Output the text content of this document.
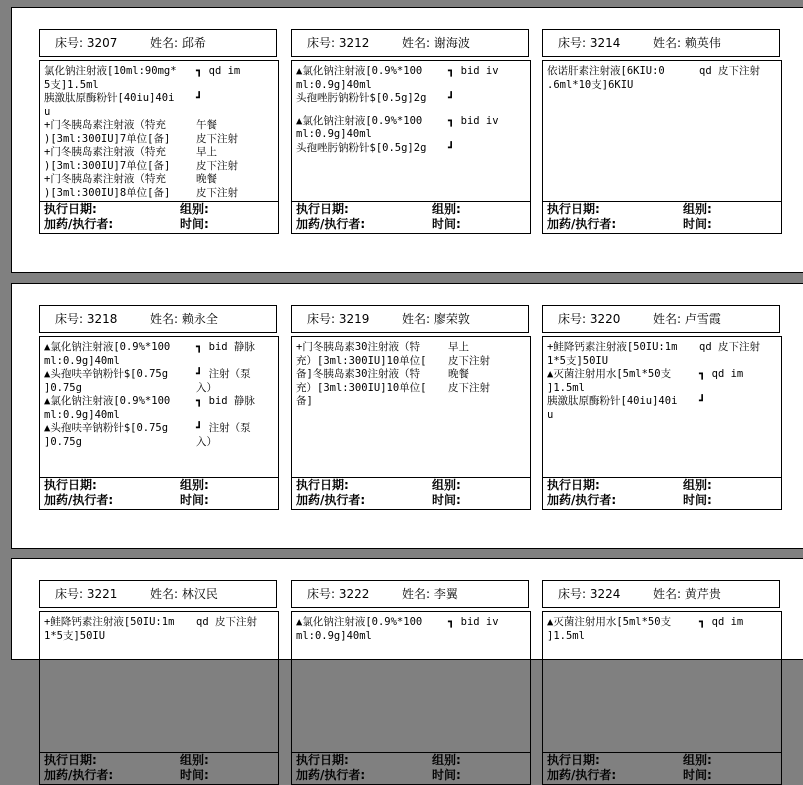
床号: 3207	姓名: 邱希
氯化钠注射液[10ml:90mg* ┓ qd im
5支]1.5ml
胰激肽原酶粉针[40iu]40i ┛
u
+门冬胰岛素注射液（特充	午餐
)[3ml:300IU]7单位[备] 皮下注射
+门冬胰岛素注射液（特充	早上
)[3ml:300IU]7单位[备] 皮下注射
+门冬胰岛素注射液（特充	晚餐
)[3ml:300IU]8单位[备] 皮下注射
执行日期:	组别:
加药/执行者:	时间:
床号: 3212	姓名: 谢海波
▲氯化钠注射液[0.9%*100 ┓ bid iv
ml:0.9g]40ml
头孢唑肟钠粉针$[0.5g]2g ┛
▲氯化钠注射液[0.9%*100 ┓ bid iv
ml:0.9g]40ml
头孢唑肟钠粉针$[0.5g]2g ┛
执行日期:	组别:
加药/执行者:	时间:
床号: 3214	姓名: 赖英伟
依诺肝素注射液[6KIU:0	qd 皮下注射
.6ml*10支]6KIU
执行日期:	组别:
加药/执行者:	时间:
床号: 3218	姓名: 赖永全
▲氯化钠注射液[0.9%*100 ┓ bid 静脉
ml:0.9g]40ml
▲头孢呋辛钠粉针$[0.75g	┛ 注射（泵
]0.75g	入）
▲氯化钠注射液[0.9%*100 ┓ bid 静脉
ml:0.9g]40ml
▲头孢呋辛钠粉针$[0.75g	┛ 注射（泵
]0.75g	入）
执行日期:	组别:
加药/执行者:	时间:
床号: 3219	姓名: 廖荣敦
+门冬胰岛素30注射液（特	早上
充）[3ml:300IU]10单位[ 皮下注射
备]冬胰岛素30注射液（特	晚餐
充）[3ml:300IU]10单位[ 皮下注射
备]
执行日期:	组别:
加药/执行者:	时间:
床号: 3220	姓名: 卢雪霞
+鲑降钙素注射液[50IU:1m qd 皮下注射
1*5支]50IU
▲灭菌注射用水[5ml*50支	┓ qd im
]1.5ml
胰激肽原酶粉针[40iu]40i ┛
u
执行日期:	组别:
加药/执行者:	时间:
床号: 3221	姓名: 林汉民
+鲑降钙素注射液[50IU:1m qd 皮下注射
1*5支]50IU
执行日期:	组别:
加药/执行者:	时间:
床号: 3222	姓名: 李翼
▲氯化钠注射液[0.9%*100 ┓ bid iv
ml:0.9g]40ml
执行日期:	组别:
加药/执行者:	时间:
床号: 3224	姓名: 黄芹贵
▲灭菌注射用水[5ml*50支	┓ qd im
]1.5ml
执行日期:	组别:
加药/执行者:	时间:
